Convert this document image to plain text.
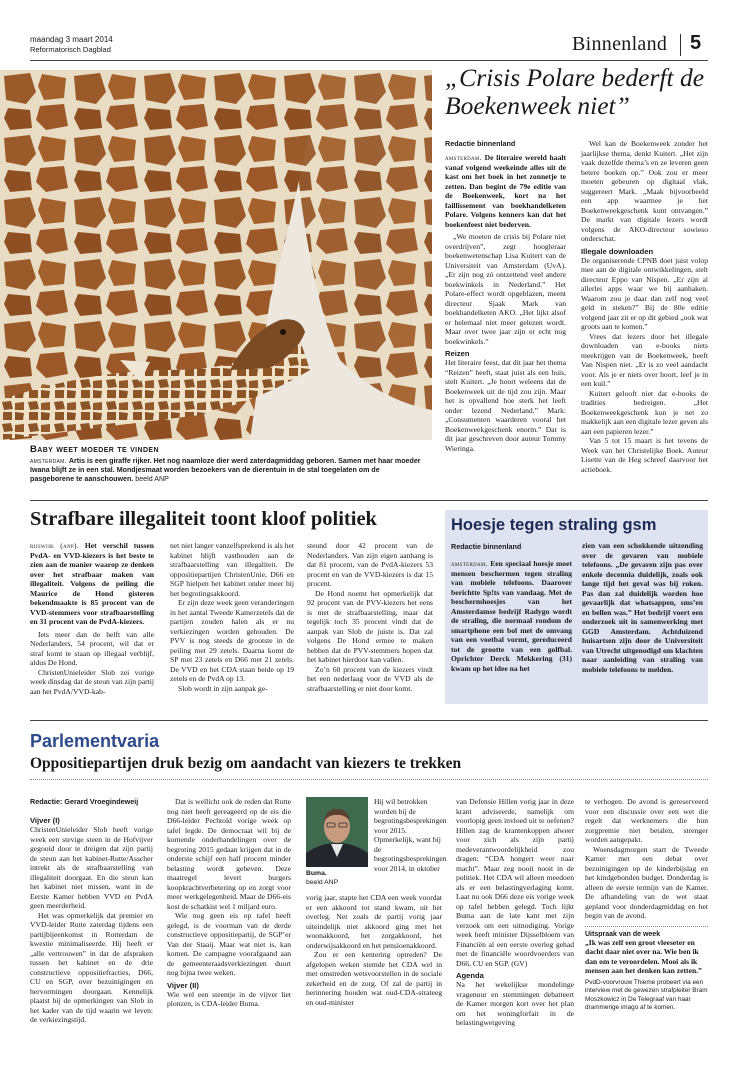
maandag 3 maart 2014
Reformatorisch Dagblad	Binnenland 5
Baby weet moeder te vinden

amsterdam. Artis is een giraffe rijker. Het nog naamloze dier werd zaterdagmiddag geboren. Samen met haar moeder Iwana blijft ze in een stal. Mondjesmaat worden bezoekers van de dierentuin in de stal toegelaten om de pasgeborene te aanschouwen. beeld ANP

„Crisis Polare bederft de Boekenweek niet”
Redactie binnenland

amsterdam. De literaire wereld haalt vanaf volgend weekeinde alles uit de kast om het boek in het zonnetje te zetten. Dan begint de 79e editie van de Boekenweek, kort na het faillissement van boekhandelketen Polare. Volgens kenners kan dat het boekenfeest niet bederven.

„We moeten de crisis bij Polare niet overdrijven”, zegt hoogleraar boekenwetenschap Lisa Kuitert van de Universiteit van Amsterdam (UvA). „Er zijn nog zó ontzettend veel andere boekwinkels in Nederland.” Het Polare-effect wordt opgeblazen, meent directeur Sjaak Mark van boekhandelketen AKO. „Het lijkt alsof er helemaal niet meer gelezen wordt. Maar over twee jaar zijn er echt nog boekwinkels.”

Reizen

Het literaire feest, dat dit jaar het thema “Reizen” heeft, staat juist als een huis, stelt Kuitert. „Je hoort weleens dat de Boekenweek uit de tijd zou zijn. Maar het is opvallend hoe sterk het leeft onder lezend Nederland.” Mark: „Consumenten waarderen vooral het Boekenweekgeschenk enorm.” Dat is dit jaar geschreven door auteur Tommy Wieringa.

Wel kan de Boekenweek zonder het jaarlijkse thema, denkt Kuitert. „Het zijn vaak dezelfde thema’s en ze leveren geen betere boeken op.” Ook zou er meer moeten gebeuren op digitaal vlak, suggereert Mark. „Maak bijvoorbeeld een app waarmee je het Boekenweekgeschenk kunt ontvangen.” De markt van digitale lezers wordt volgens de AKO-directeur sowieso onderschat.

Illegale downloaden

De organiserende CPNB doet juist volop mee aan de digitale ontwikkelingen, stelt directeur Eppo van Nispen. „Er zijn al allerlei apps waar we bij aanhaken. Waarom zou je daar dan zelf nog veel geld in steken?” Bij de 80e editie volgend jaar zit er op dit gebied „ook wat groots aan te komen.”

Vrees dat lezers door het illegale downloaden van e-books niets meekrijgen van de Boekenweek, heeft Van Nispen niet. „Er is zo veel aandacht voor. Als je er niets over hoort, leef je in een kuil.”

Kuitert gelooft niet dat e-books de tradities bedreigen. „Het Boekenweekgeschenk kun je net zo makkelijk aan een digitale lezer geven als aan een papieren lezer.”

Van 5 tot 15 maart is het tevens de Week van het Christelijke Boek. Auteur Lisette van de Heg schreef daarvoor het actieboek.

Strafbare illegaliteit toont kloof politiek

rijswijk (anp). Het verschil tussen PvdA- en VVD-kiezers is het beste te zien aan de manier waarop ze denken over het strafbaar maken van illegaliteit. Volgens de peiling die Maurice de Hond gisteren bekendmaakte is 85 procent van de VVD-stemmers voor strafbaarstelling en 31 procent van de PvdA-kiezers.

Iets meer dan de helft van alle Nederlanders, 54 procent, wil dat er straf komt te staan op illegaal verblijf, aldus De Hond.

ChristenUnieleider Slob zei vorige week dinsdag dat de steun van zijn partij aan het PvdA/VVD-kab-

net niet langer vanzelfsprekend is als het kabinet blijft vasthouden aan de strafbaarstelling van illegaliteit. De oppositiepartijen ChristenUnie, D66 en SGP hielpen het kabinet onder meer bij het begrotingsakkoord.

Er zijn deze week geen veranderingen in het aantal Tweede Kamerzetels dat de partijen zouden halen als er nu verkiezingen worden gehouden. De PVV is nog steeds de grootste in de peiling met 29 zetels. Daarna komt de SP met 23 zetels en D66 met 21 zetels. De VVD en het CDA staan beide op 19 zetels en de PvdA op 13.

Slob wordt in zijn aanpak ge-

steund door 42 procent van de Nederlanders. Van zijn eigen aanhang is dat 81 procent, van de PvdA-kiezers 53 procent en van de VVD-kiezers is dat 15 procent.

De Hond noemt het opmerkelijk dat 92 procent van de PVV-kiezers het eens is met de strafbaarstelling, maar dat tegelijk toch 35 procent vindt dat de aanpak van Slob de juiste is. Dat zal volgens De Hond ermee te maken hebben dat de PVV-stemmers hopen dat het kabinet hierdoor kan vallen.

Zo’n 60 procent van de kiezers vindt het een nederlaag voor de VVD als de strafbaarstelling er niet door komt.

Hoesje tegen straling gsm
Redactie binnenland

amsterdam. Een speciaal hoesje moet mensen beschermen tegen straling van mobiele telefoons. Daarover berichtte Sp!ts van vandaag. Met de beschermhoesjes van het Amsterdamse bedrijf Radygo wordt de straling, die normaal rondom de smartphone een bol met de omvang van een voetbal vormt, gereduceerd tot de grootte van een golfbal. Oprichter Derck Mekkering (31) kwam op het idee na het

zien van een schokkende uitzending over de gevaren van mobiele telefoons. „De gevaren zijn pas over enkele decennia duidelijk, zoals ook lange tijd het geval was bij roken. Pas dan zal duidelijk worden hoe gevaarlijk dat whatsappen, sms’en en bellen was.” Het bedrijf voert een onderzoek uit in samenwerking met GGD Amsterdam. Achtduizend huisartsen zijn door de Universiteit van Utrecht uitgenodigd om klachten naar aanleiding van straling van mobiele telefoons te melden.

Parlementvaria
Oppositiepartijen druk bezig om aandacht van kiezers te trekken
Redactie: Gerard Vroegindeweij
Vijver (I)

ChristenUnieleider Slob heeft vorige week een stevige steen in de Hofvijver gegooid door te dreigen dat zijn partij de steun aan het kabinet-Rutte/Asscher intrekt als de strafbaarstelling van illegaliteit doorgaat. En die steun kan het kabinet niet missen, want in de Eerste Kamer hebben VVD en PvdA geen meerderheid.

Het was opmerkelijk dat premier en VVD-leider Rutte zaterdag tijdens een partijbijeenkomst in Rotterdam de kwestie minimaliseerde. Hij heeft er „alle vertrouwen” in dat de afspraken tussen het kabinet en de drie constructieve oppositiefracties, D66, CU en SGP, over bezuinigingen en hervormingen doorgaan. Kennelijk plaatst hij de opmerkingen van Slob in het kader van de tijd waarin we leven: de verkiezingstijd.

Dat is wellicht ook de reden dat Rutte nog niet heeft gereageerd op de eis die D66-leider Pechtold vorige week op tafel legde. De democraat wil bij de komende onderhandelingen over de begroting 2015 gedaan krijgen dat in de onderste schijf een half procent minder belasting wordt geheven. Deze maatregel levert burgers koopkrachtverbetering op en zorgt voor meer werkgelegenheid. Maar de D66-eis kost de schatkist wel 1 miljard euro.

Wie nog geen eis op tafel heeft gelegd, is de voorman van de derde constructieve oppositiepartij, de SGP’er Van der Staaij. Maar wat niet is, kan komen. De campagne voorafgaand aan de gemeenteraadsverkiezingen duurt nog bijna twee weken.

Vijver (II)

Wie wel een steentje in de vijver liet plonzen, is CDA-leider Buma.

Buma.
beeld ANP

Hij wil betrokken worden bij de begrotingsbesprekingen voor 2015. Opmerkelijk, want bij de begrotingsbesprekingen voor 2014, in oktober

vorig jaar, stapte het CDA een week voordat er een akkoord tot stand kwam, uit het overleg. Net zoals de partij vorig jaar uiteindelijk niet akkoord ging met het woonakkoord, het zorgakkoord, het onderwijsakkoord en het pensioenakkoord.

Zou er een kentering optreden? De afgelopen weken stemde het CDA wel in met omstreden wetsvoorstellen in de sociale zekerheid en de zorg. Of zal de partij in herinnering houden wat oud-CDA-strateeg en oud-minister

van Defensie Hillen vorig jaar in deze krant adviseerde, namelijk om voorlopig geen invloed uit te oefenen? Hillen zag de krantenkoppen alweer voor zich als zijn partij medeverantwoordelijkheid zou dragen: “CDA hongert weer naar macht”. Maar zeg nooit nooit in de politiek. Het CDA wil alleen meedoen als er een belastingverlaging komt. Laat nu ook D66 deze eis vorige week op tafel hebben gelegd. Toch lijkt Buma aan de late kant met zijn verzoek om een uitnodiging. Vorige week heeft minister Dijsselbloem van Financiën al een eerste overleg gehad met de financiële woordvoerders van D66, CU en SGP. (GV)

Agenda

Na het wekelijkse mondelinge vragenuur en stemmingen debatteert de Kamer morgen kort over het plan om het woningforfait in de belastingwetgeving

te verhogen. De avond is gereserveerd voor een discussie over een wet die regelt dat werknemers die hun zorgpremie niet betalen, strenger worden aangepakt.

Woensdagmorgen start de Tweede Kamer met een debat over bezuinigingen op de kinderbijslag en het kindgebonden budget. Donderdag is alleen de eerste termijn van de Kamer. De afhandeling van de wet staat gepland voor donderdagmiddag en het begin van de avond.

Uitspraak van de week

„Ik was zelf een groot vleeseter en dacht daar niet over na. Wie ben ik dan om te veroordelen. Mooi als ik mensen aan het denken kan zetten.”

PvdD-voorvrouw Thieme probeert via een interview met de gewezen strafpleiter Bram Moszkowicz in De Telegraaf van haar drammerige imago af te komen.
